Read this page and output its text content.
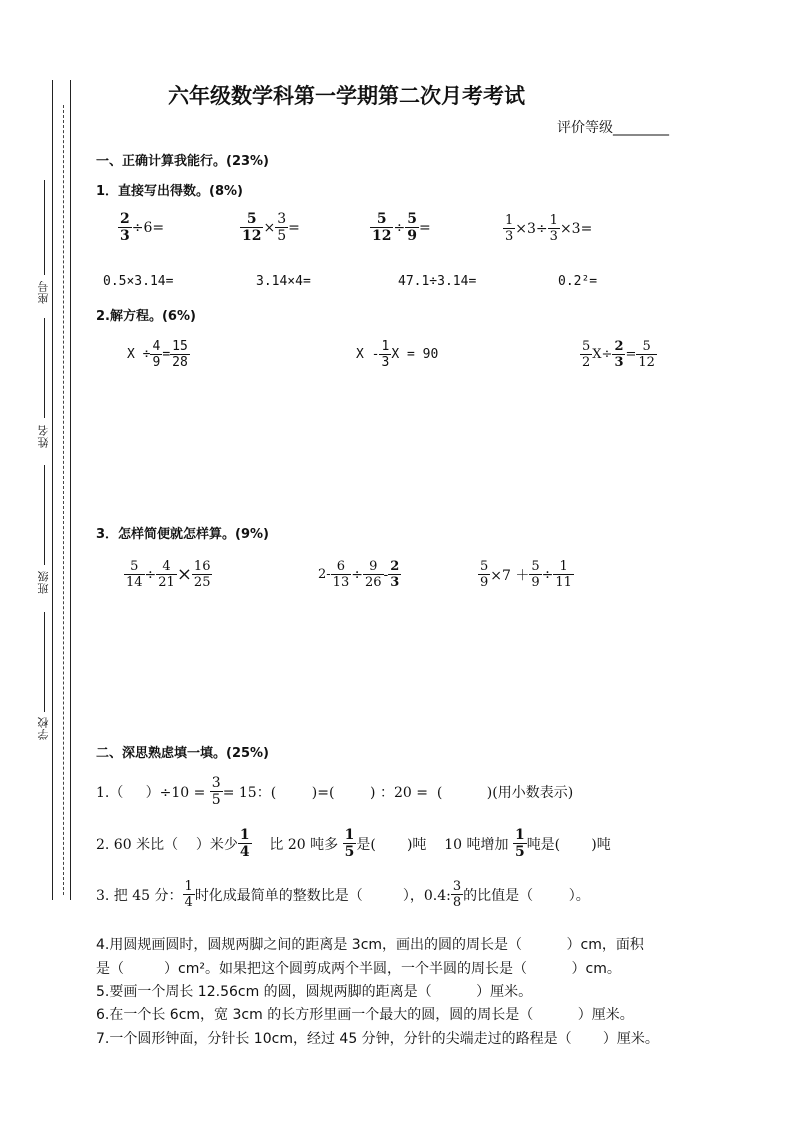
座号
姓名
班级
学校
六年级数学科第一学期第二次月考考试
评价等级________
一、正确计算我能行。(23%)
1．直接写出得数。(8%)
$\frac{2}{3} \div 6=$	$\frac{5}{12} \times \frac{3}{5}$ =	$\frac{5}{12} \div \frac{5}{9}$ =	$\frac{1}{3} \times 3\div \frac{1}{3} \times 3=$
0.5×3.14=	3.14×4=	47.1÷3.14=	0.2²=
2.解方程。(6%)
$X \div \frac{4}{9} = \frac{15}{28}$	X - $\frac{1}{3}$ X = 90	$\frac{5}{2} X\div \frac{2}{3} = \frac{5}{12}$
3．怎样简便就怎样算。(9%)
$\frac{5}{14} \div \frac{4}{21} \times \frac{16}{25}$	$2- \frac{6}{13} \div \frac{9}{26} - \frac{2}{3}$	$\frac{5}{9} \times 7 + \frac{5}{9} \div \frac{1}{11}$
二、深思熟虑填一填。(25%)
1.（     ）$\div 10 = \frac{3}{5} = 15$：(        )=(        ) ：20 =  (          )(用小数表示)
2. 60 米比（    ）米少 $\frac{1}{4}$ 比 20 吨多 $\frac{1}{5}$ 是(       )吨    10 吨增加 $\frac{1}{5}$ 吨是(       )吨
3. 把 45 分： $\frac{1}{4}$ 时化成最简单的整数比是（         ），0.4: $\frac{3}{8}$ 的比值是（        ）。
4.用圆规画圆时，圆规两脚之间的距离是 3cm，画出的圆的周长是（          ）cm，面积
是（         ）cm²。如果把这个圆剪成两个半圆，一个半圆的周长是（          ）cm。
5.要画一个周长 12.56cm 的圆，圆规两脚的距离是（          ）厘米。
6.在一个长 6cm，宽 3cm 的长方形里画一个最大的圆，圆的周长是（          ）厘米。
7.一个圆形钟面，分针长 10cm，经过 45 分钟，分针的尖端走过的路程是（       ）厘米。
